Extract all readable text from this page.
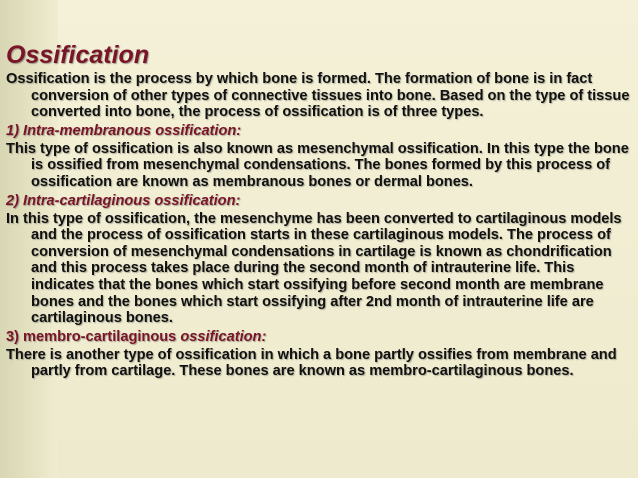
Ossification

Ossification is the process by which bone is formed. The formation of bone is in fact conversion of other types of connective tissues into bone. Based on the type of tissue converted into bone, the process of ossification is of three types.

1) Intra-membranous ossification:

This type of ossification is also known as mesenchymal ossification. In this type the bone is ossified from mesenchymal condensations. The bones formed by this process of ossification are known as membranous bones or dermal bones.

2) Intra-cartilaginous ossification:

In this type of ossification, the mesenchyme has been converted to cartilaginous models and the process of ossification starts in these cartilaginous models. The process of conversion of mesenchymal condensations in cartilage is known as chondrification and this process takes place during the second month of intrauterine life. This indicates that the bones which start ossifying before second month are membrane bones and the bones which start ossifying after 2nd month of intrauterine life are cartilaginous bones.

3) membro-cartilaginous ossification:

There is another type of ossification in which a bone partly ossifies from membrane and partly from cartilage. These bones are known as membro-cartilaginous bones.
